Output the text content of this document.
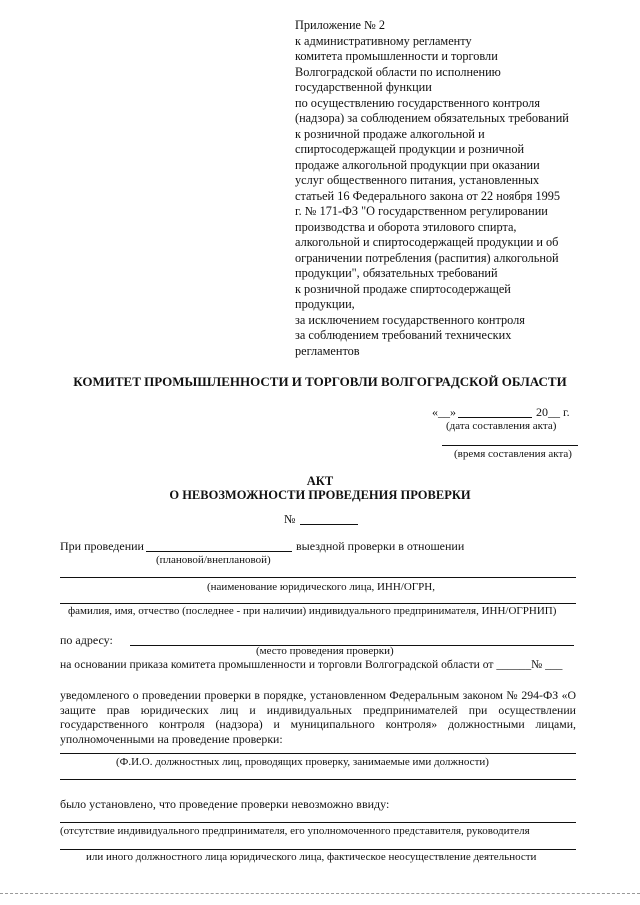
Приложение № 2
к административному регламенту
комитета промышленности и торговли
Волгоградской области по исполнению
государственной функции
по осуществлению государственного контроля
(надзора) за соблюдением обязательных требований
к розничной продаже алкогольной и
спиртосодержащей продукции и розничной
продаже алкогольной продукции при оказании
услуг общественного питания, установленных
статьей 16 Федерального закона от 22 ноября 1995
г. № 171-ФЗ "О государственном регулировании
производства и оборота этилового спирта,
алкогольной и спиртосодержащей продукции и об
ограничении потребления (распития) алкогольной
продукции", обязательных требований
к розничной продаже спиртосодержащей
продукции,
за исключением государственного контроля
за соблюдением требований технических
регламентов
КОМИТЕТ ПРОМЫШЛЕННОСТИ И ТОРГОВЛИ ВОЛГОГРАДСКОЙ ОБЛАСТИ
«__»	20__ г.
(дата составления акта)
(время составления акта)
АКТ
О НЕВОЗМОЖНОСТИ ПРОВЕДЕНИЯ ПРОВЕРКИ
№
При проведении	выездной проверки в отношении
(плановой/внеплановой)
(наименование юридического лица, ИНН/ОГРН,
фамилия, имя, отчество (последнее - при наличии) индивидуального предпринимателя, ИНН/ОГРНИП)
по адресу:
(место проведения проверки)
на основании приказа комитета промышленности и торговли Волгоградской области от ______№ ___
уведомленого о проведении проверки в порядке, установленном Федеральным законом № 294-ФЗ «О защите прав юридических лиц и индивидуальных предпринимателей при осуществлении государственного контроля (надзора) и муниципального контроля» должностными лицами, уполномоченными на проведение проверки:
(Ф.И.О. должностных лиц, проводящих проверку, занимаемые ими должности)
было установлено, что проведение проверки невозможно ввиду:
(отсутствие индивидуального предпринимателя, его уполномоченного представителя, руководителя
или иного должностного лица юридического лица, фактическое неосуществление деятельности
